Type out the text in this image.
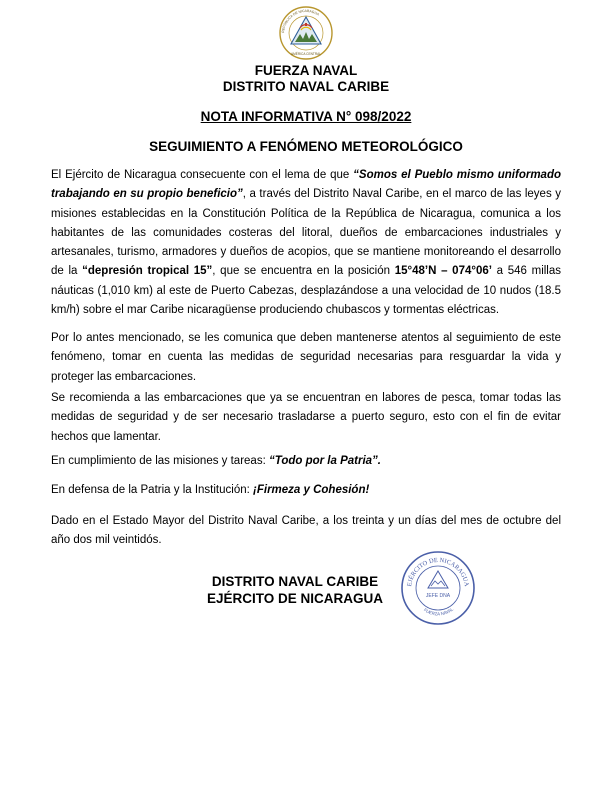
REPÚBLICA DE NICARAGUA
AMÉRICA CENTRAL
FUERZA NAVAL
DISTRITO NAVAL CARIBE
NOTA INFORMATIVA N° 098/2022
SEGUIMIENTO A FENÓMENO METEOROLÓGICO
El Ejército de Nicaragua consecuente con el lema de que “Somos el Pueblo mismo uniformado trabajando en su propio beneficio”, a través del Distrito Naval Caribe, en el marco de las leyes y misiones establecidas en la Constitución Política de la República de Nicaragua, comunica a los habitantes de las comunidades costeras del litoral, dueños de embarcaciones industriales y artesanales, turismo, armadores y dueños de acopios, que se mantiene monitoreando el desarrollo de la “depresión tropical 15”, que se encuentra en la posición 15°48’N – 074°06’ a 546 millas náuticas (1,010 km) al este de Puerto Cabezas, desplazándose a una velocidad de 10 nudos (18.5 km/h) sobre el mar Caribe nicaragüense produciendo chubascos y tormentas eléctricas.
Por lo antes mencionado, se les comunica que deben mantenerse atentos al seguimiento de este fenómeno, tomar en cuenta las medidas de seguridad necesarias para resguardar la vida y proteger las embarcaciones.
Se recomienda a las embarcaciones que ya se encuentran en labores de pesca, tomar todas las medidas de seguridad y de ser necesario trasladarse a puerto seguro, esto con el fin de evitar hechos que lamentar.
En cumplimiento de las misiones y tareas: “Todo por la Patria”.
En defensa de la Patria y la Institución: ¡Firmeza y Cohesión!
Dado en el Estado Mayor del Distrito Naval Caribe, a los treinta y un días del mes de octubre del año dos mil veintidós.
DISTRITO NAVAL CARIBE
EJÉRCITO DE NICARAGUA
EJÉRCITO DE NICARAGUA
JEFE DNA
FUERZA NAVAL
